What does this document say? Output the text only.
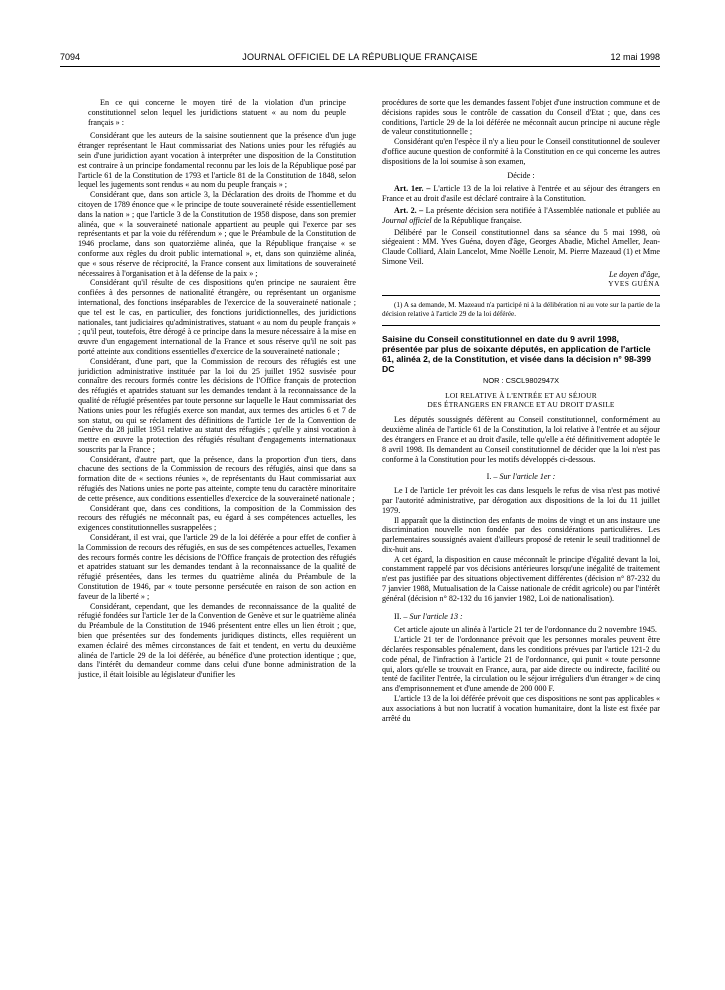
7094	JOURNAL OFFICIEL DE LA RÉPUBLIQUE FRANÇAISE	12 mai 1998

En ce qui concerne le moyen tiré de la violation d'un principe constitutionnel selon lequel les juridictions statuent « au nom du peuple français » :

Considérant que les auteurs de la saisine soutiennent que la présence d'un juge étranger représentant le Haut commissariat des Nations unies pour les réfugiés au sein d'une juridiction ayant vocation à interpréter une disposition de la Constitution est contraire à un principe fondamental reconnu par les lois de la République posé par l'article 61 de la Constitution de 1793 et l'article 81 de la Constitution de 1848, selon lequel les jugements sont rendus « au nom du peuple français » ;

Considérant que, dans son article 3, la Déclaration des droits de l'homme et du citoyen de 1789 énonce que « le principe de toute souveraineté réside essentiellement dans la nation » ; que l'article 3 de la Constitution de 1958 dispose, dans son premier alinéa, que « la souveraineté nationale appartient au peuple qui l'exerce par ses représentants et par la voie du référendum » ; que le Préambule de la Constitution de 1946 proclame, dans son quatorzième alinéa, que la République française « se conforme aux règles du droit public international », et, dans son quinzième alinéa, que « sous réserve de réciprocité, la France consent aux limitations de souveraineté nécessaires à l'organisation et à la défense de la paix » ;

Considérant qu'il résulte de ces dispositions qu'en principe ne sauraient être confiées à des personnes de nationalité étrangère, ou représentant un organisme international, des fonctions inséparables de l'exercice de la souveraineté nationale ; que tel est le cas, en particulier, des fonctions juridictionnelles, des juridictions nationales, tant judiciaires qu'administratives, statuant « au nom du peuple français » ; qu'il peut, toutefois, être dérogé à ce principe dans la mesure nécessaire à la mise en œuvre d'un engagement international de la France et sous réserve qu'il ne soit pas porté atteinte aux conditions essentielles d'exercice de la souveraineté nationale ;

Considérant, d'une part, que la Commission de recours des réfugiés est une juridiction administrative instituée par la loi du 25 juillet 1952 susvisée pour connaître des recours formés contre les décisions de l'Office français de protection des réfugiés et apatrides statuant sur les demandes tendant à la reconnaissance de la qualité de réfugié présentées par toute personne sur laquelle le Haut commissariat des Nations unies pour les réfugiés exerce son mandat, aux termes des articles 6 et 7 de son statut, ou qui se réclament des définitions de l'article 1er de la Convention de Genève du 28 juillet 1951 relative au statut des réfugiés ; qu'elle y ainsi vocation à mettre en œuvre la protection des réfugiés résultant d'engagements internationaux souscrits par la France ;

Considérant, d'autre part, que la présence, dans la proportion d'un tiers, dans chacune des sections de la Commission de recours des réfugiés, ainsi que dans sa formation dite de « sections réunies », de représentants du Haut commissariat aux réfugiés des Nations unies ne porte pas atteinte, compte tenu du caractère minoritaire de cette présence, aux conditions essentielles d'exercice de la souveraineté nationale ;

Considérant que, dans ces conditions, la composition de la Commission des recours des réfugiés ne méconnaît pas, eu égard à ses compétences actuelles, les exigences constitutionnelles susrappelées ;

Considérant, il est vrai, que l'article 29 de la loi déférée a pour effet de confier à la Commission de recours des réfugiés, en sus de ses compétences actuelles, l'examen des recours formés contre les décisions de l'Office français de protection des réfugiés et apatrides statuant sur les demandes tendant à la reconnaissance de la qualité de réfugié présentées, dans les termes du quatrième alinéa du Préambule de la Constitution de 1946, par « toute personne persécutée en raison de son action en faveur de la liberté » ;

Considérant, cependant, que les demandes de reconnaissance de la qualité de réfugié fondées sur l'article 1er de la Convention de Genève et sur le quatrième alinéa du Préambule de la Constitution de 1946 présentent entre elles un lien étroit ; que, bien que présentées sur des fondements juridiques distincts, elles requièrent un examen éclairé des mêmes circonstances de fait et tendent, en vertu du deuxième alinéa de l'article 29 de la loi déférée, au bénéfice d'une protection identique ; que, dans l'intérêt du demandeur comme dans celui d'une bonne administration de la justice, il était loisible au législateur d'unifier les

procédures de sorte que les demandes fassent l'objet d'une instruction commune et de décisions rapides sous le contrôle de cassation du Conseil d'Etat ; que, dans ces conditions, l'article 29 de la loi déférée ne méconnaît aucun principe ni aucune règle de valeur constitutionnelle ;

Considérant qu'en l'espèce il n'y a lieu pour le Conseil constitutionnel de soulever d'office aucune question de conformité à la Constitution en ce qui concerne les autres dispositions de la loi soumise à son examen,

Décide :

Art. 1er. – L'article 13 de la loi relative à l'entrée et au séjour des étrangers en France et au droit d'asile est déclaré contraire à la Constitution.

Art. 2. – La présente décision sera notifiée à l'Assemblée nationale et publiée au Journal officiel de la République française.

Délibéré par le Conseil constitutionnel dans sa séance du 5 mai 1998, où siégeaient : MM. Yves Guéna, doyen d'âge, Georges Abadie, Michel Ameller, Jean-Claude Colliard, Alain Lancelot, Mme Noëlle Lenoir, M. Pierre Mazeaud (1) et Mme Simone Veil.

Le doyen d'âge,

YVES GUÉNA

(1) A sa demande, M. Mazeaud n'a participé ni à la délibération ni au vote sur la partie de la décision relative à l'article 29 de la loi déférée.

Saisine du Conseil constitutionnel en date du 9 avril 1998, présentée par plus de soixante députés, en application de l'article 61, alinéa 2, de la Constitution, et visée dans la décision n° 98-399 DC

NOR : CSCL9802947X

LOI RELATIVE À L'ENTRÉE ET AU SÉJOUR
DES ÉTRANGERS EN FRANCE ET AU DROIT D'ASILE

Les députés soussignés défèrent au Conseil constitutionnel, conformément au deuxième alinéa de l'article 61 de la Constitution, la loi relative à l'entrée et au séjour des étrangers en France et au droit d'asile, telle qu'elle a été définitivement adoptée le 8 avril 1998. Ils demandent au Conseil constitutionnel de décider que la loi n'est pas conforme à la Constitution pour les motifs développés ci-dessous.

I. – Sur l'article 1er :

Le I de l'article 1er prévoit les cas dans lesquels le refus de visa n'est pas motivé par l'autorité administrative, par dérogation aux dispositions de la loi du 11 juillet 1979.

Il apparaît que la distinction des enfants de moins de vingt et un ans instaure une discrimination nouvelle non fondée par des considérations particulières. Les parlementaires soussignés avaient d'ailleurs proposé de retenir le seuil traditionnel de dix-huit ans.

A cet égard, la disposition en cause méconnaît le principe d'égalité devant la loi, constamment rappelé par vos décisions antérieures lorsqu'une inégalité de traitement n'est pas justifiée par des situations objectivement différentes (décision n° 87-232 du 7 janvier 1988, Mutualisation de la Caisse nationale de crédit agricole) ou par l'intérêt général (décision n° 82-132 du 16 janvier 1982, Loi de nationalisation).

II. – Sur l'article 13 :

Cet article ajoute un alinéa à l'article 21 ter de l'ordonnance du 2 novembre 1945.

L'article 21 ter de l'ordonnance prévoit que les personnes morales peuvent être déclarées responsables pénalement, dans les conditions prévues par l'article 121-2 du code pénal, de l'infraction à l'article 21 de l'ordonnance, qui punit « toute personne qui, alors qu'elle se trouvait en France, aura, par aide directe ou indirecte, facilité ou tenté de faciliter l'entrée, la circulation ou le séjour irréguliers d'un étranger » de cinq ans d'emprisonnement et d'une amende de 200 000 F.

L'article 13 de la loi déférée prévoit que ces dispositions ne sont pas applicables « aux associations à but non lucratif à vocation humanitaire, dont la liste est fixée par arrêté du
